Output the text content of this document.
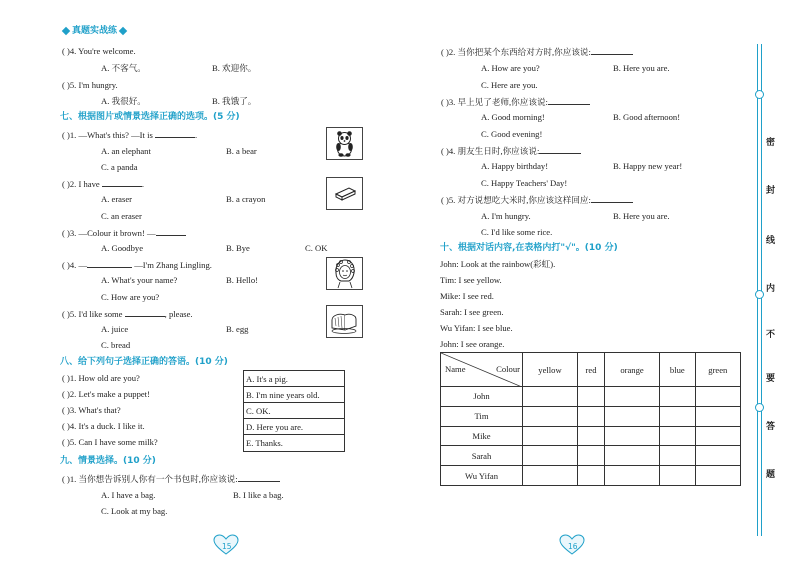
真题实战练
( )4. You're welcome.
A. 不客气。	B. 欢迎你。
( )5. I'm hungry.
A. 我很好。	B. 我饿了。
七、根据图片或情景选择正确的选项。(5 分)
( )1. —What's this? —It is	.
A. an elephant	B. a bear
C. a panda
( )2. I have	.
A. eraser	B. a crayon
C. an eraser
( )3. —Colour it brown! —
A. Goodbye	B. Bye	C. OK
( )4. —	—I'm Zhang Lingling.
A. What's your name?	B. Hello!
C. How are you?
( )5. I'd like some	, please.
A. juice	B. egg
C. bread
八、给下列句子选择正确的答语。(10 分)
( )1. How old are you?
( )2. Let's make a puppet!
( )3. What's that?
( )4. It's a duck. I like it.
( )5. Can I have some milk?
A. It's a pig.
B. I'm nine years old.
C. OK.
D. Here you are.
E. Thanks.
九、情景选择。(10 分)
( )1. 当你想告诉别人你有一个书包时,你应该说:
A. I have a bag.	B. I like a bag.
C. Look at my bag.
15
( )2. 当你把某个东西给对方时,你应该说:
A. How are you?	B. Here you are.
C. Here are you.
( )3. 早上见了老师,你应该说:
A. Good morning!	B. Good afternoon!
C. Good evening!
( )4. 朋友生日时,你应该说:
A. Happy birthday!	B. Happy new year!
C. Happy Teachers' Day!
( )5. 对方说想吃大米时,你应该这样回应:
A. I'm hungry.	B. Here you are.
C. I'd like some rice.
十、根据对话内容,在表格内打"√"。(10 分)
John: Look at the rainbow(彩虹).
Tim: I see yellow.
Mike: I see red.
Sarah: I see green.
Wu Yifan: I see blue.
John: I see orange.
Name Colour	yellow	red	orange	blue	green
John					
Tim					
Mike					
Sarah					
Wu Yifan					
16
密
封
线
内
不
要
答
题
